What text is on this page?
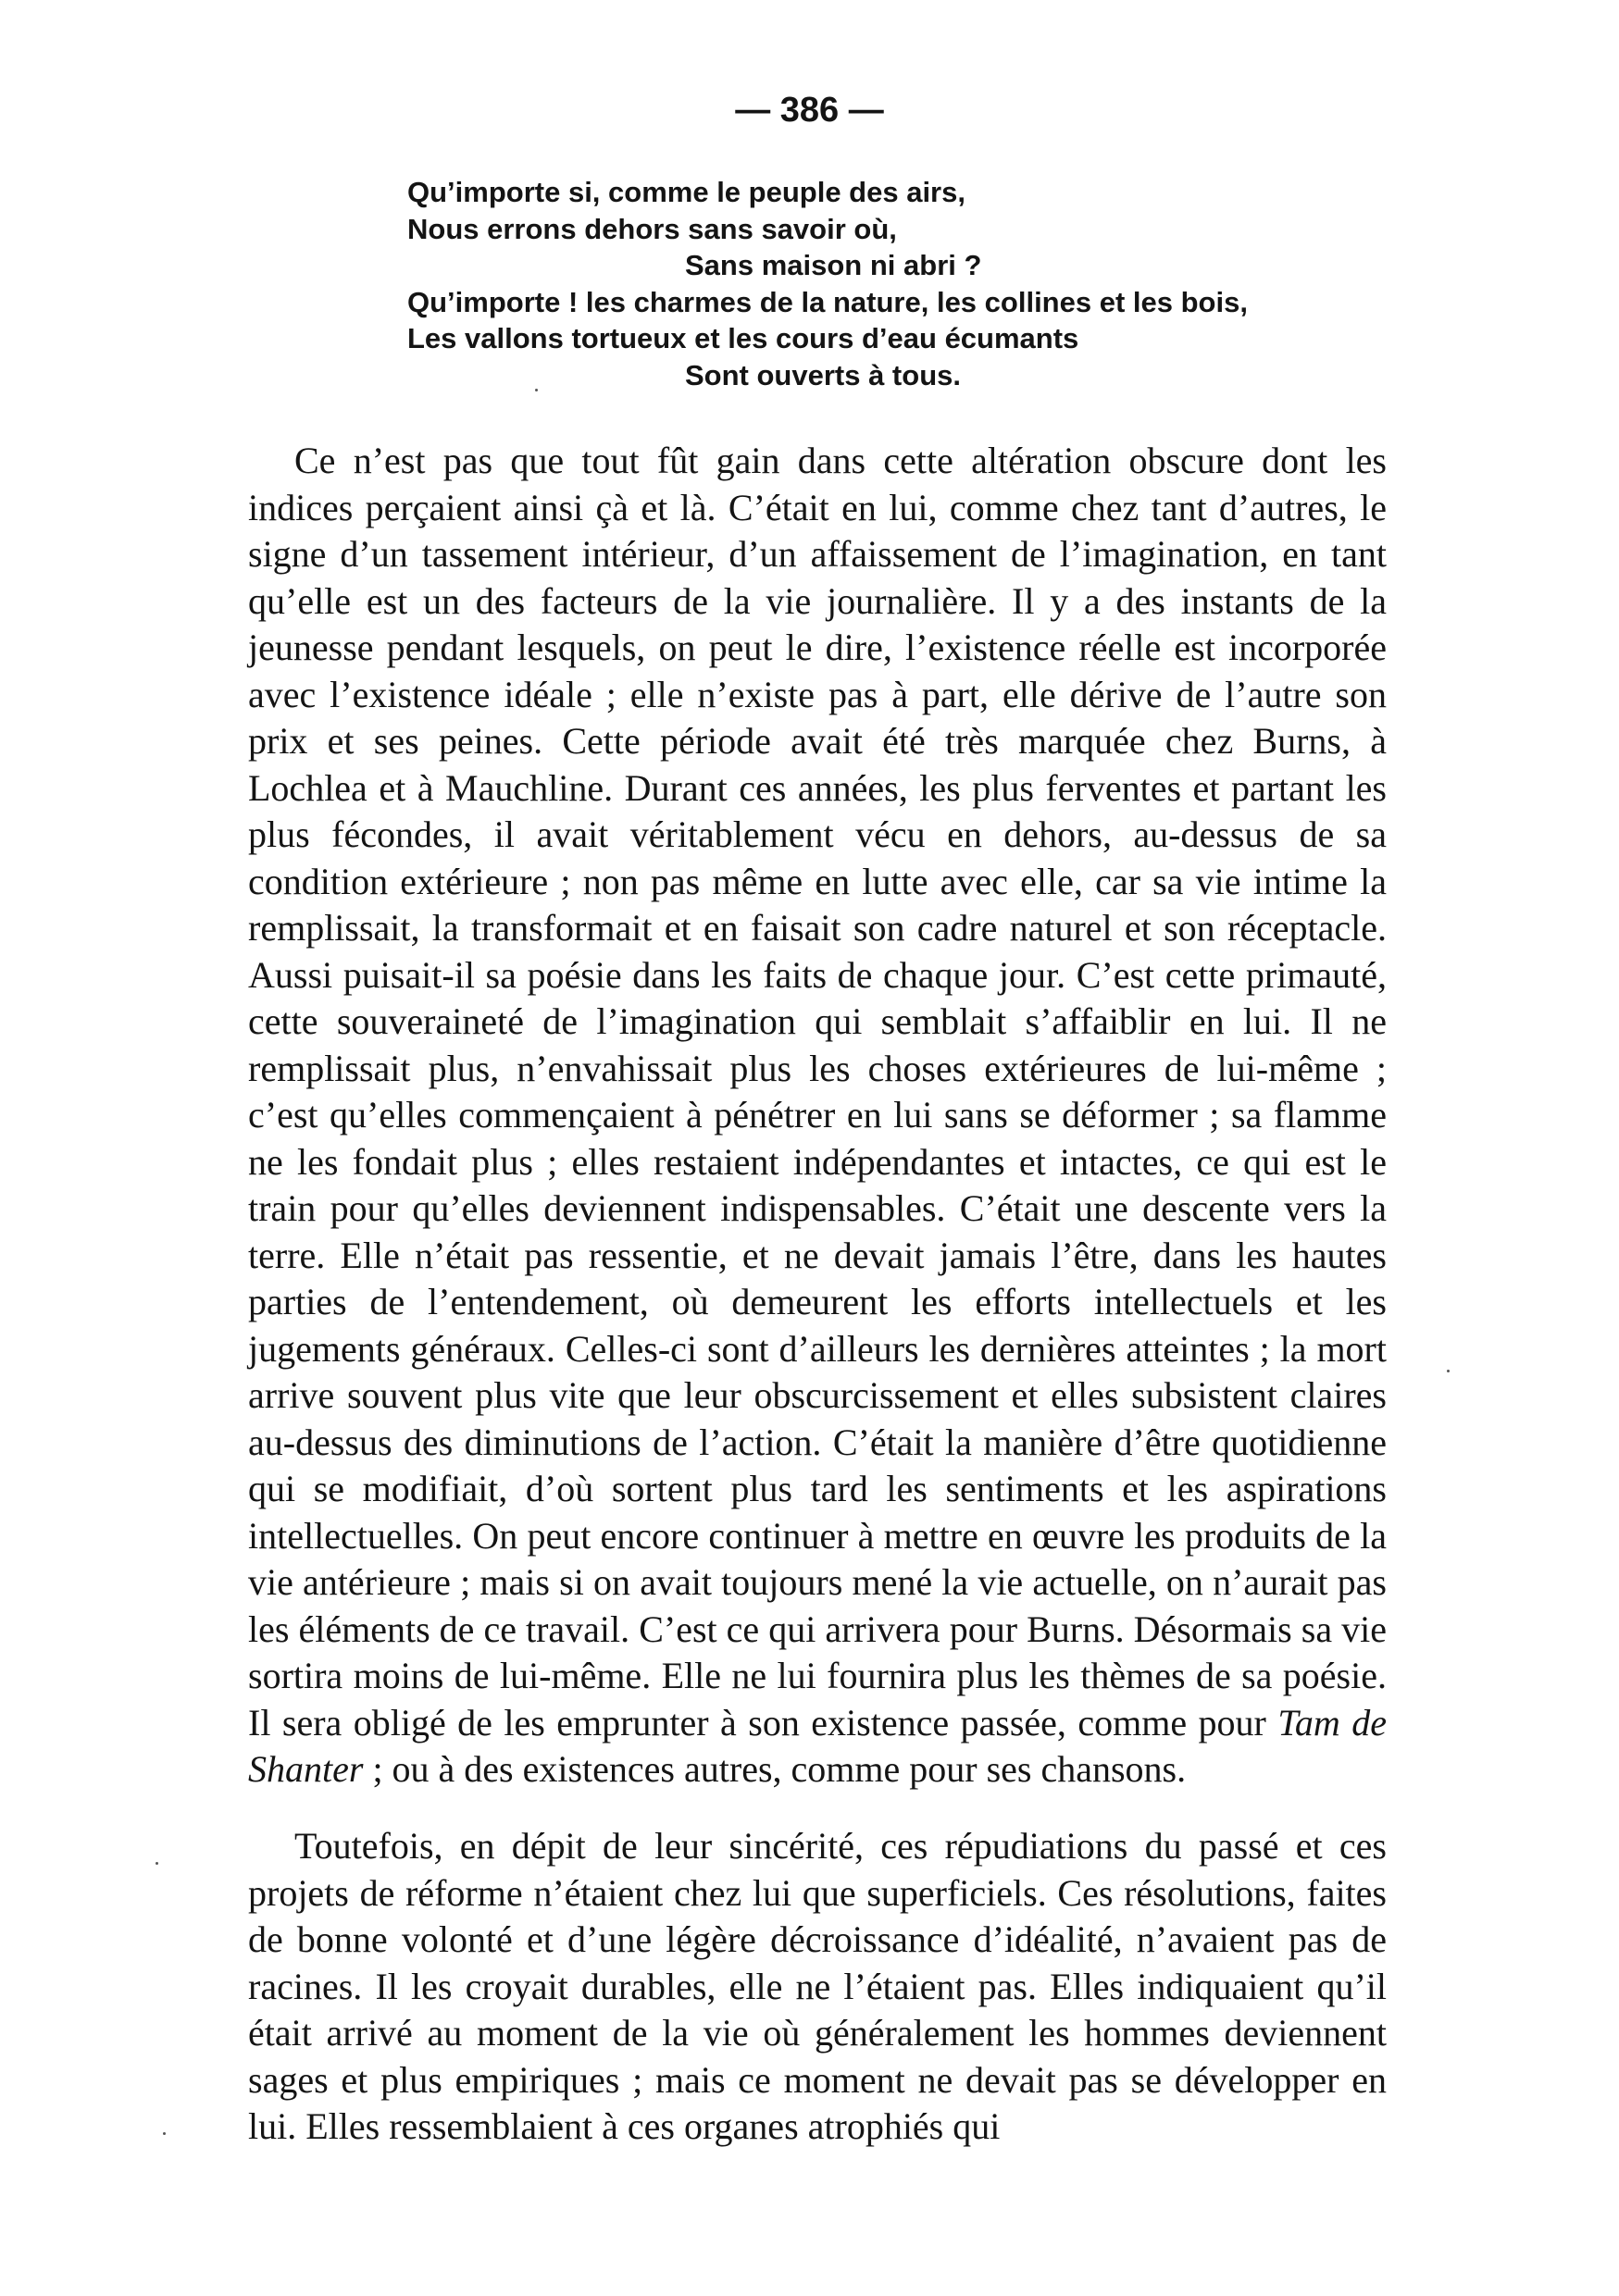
— 386 —
Qu’importe si, comme le peuple des airs,
Nous errons dehors sans savoir où,
Sans maison ni abri ?
Qu’importe ! les charmes de la nature, les collines et les bois,
Les vallons tortueux et les cours d’eau écumants
Sont ouverts à tous.
Ce n’est pas que tout fût gain dans cette altération obscure dont les indices perçaient ainsi çà et là. C’était en lui, comme chez tant d’autres, le signe d’un tassement intérieur, d’un affaissement de l’imagination, en tant qu’elle est un des facteurs de la vie journalière. Il y a des instants de la jeunesse pendant lesquels, on peut le dire, l’existence réelle est incorporée avec l’existence idéale ; elle n’existe pas à part, elle dérive de l’autre son prix et ses peines. Cette période avait été très marquée chez Burns, à Lochlea et à Mauchline. Durant ces années, les plus ferventes et partant les plus fécondes, il avait véritablement vécu en dehors, au-dessus de sa condition extérieure ; non pas même en lutte avec elle, car sa vie intime la remplissait, la transformait et en faisait son cadre naturel et son réceptacle. Aussi puisait-il sa poésie dans les faits de chaque jour. C’est cette primauté, cette souveraineté de l’imagination qui semblait s’affaiblir en lui. Il ne remplissait plus, n’envahissait plus les choses extérieures de lui-même ; c’est qu’elles commençaient à pénétrer en lui sans se déformer ; sa flamme ne les fondait plus ; elles restaient indépendantes et intactes, ce qui est le train pour qu’elles deviennent indispensables. C’était une descente vers la terre. Elle n’était pas ressentie, et ne devait jamais l’être, dans les hautes parties de l’entendement, où demeurent les efforts intellectuels et les jugements généraux. Celles-ci sont d’ailleurs les dernières atteintes ; la mort arrive souvent plus vite que leur obscurcissement et elles subsistent claires au-dessus des diminutions de l’action. C’était la manière d’être quotidienne qui se modifiait, d’où sortent plus tard les sentiments et les aspirations intellectuelles. On peut encore continuer à mettre en œuvre les produits de la vie antérieure ; mais si on avait toujours mené la vie actuelle, on n’aurait pas les éléments de ce travail. C’est ce qui arrivera pour Burns. Désormais sa vie sortira moins de lui-même. Elle ne lui fournira plus les thèmes de sa poésie. Il sera obligé de les emprunter à son existence passée, comme pour Tam de Shanter ; ou à des existences autres, comme pour ses chansons.
Toutefois, en dépit de leur sincérité, ces répudiations du passé et ces projets de réforme n’étaient chez lui que superficiels. Ces résolutions, faites de bonne volonté et d’une légère décroissance d’idéalité, n’avaient pas de racines. Il les croyait durables, elle ne l’étaient pas. Elles indiquaient qu’il était arrivé au moment de la vie où généralement les hommes deviennent sages et plus empiriques ; mais ce moment ne devait pas se développer en lui. Elles ressemblaient à ces organes atrophiés qui
